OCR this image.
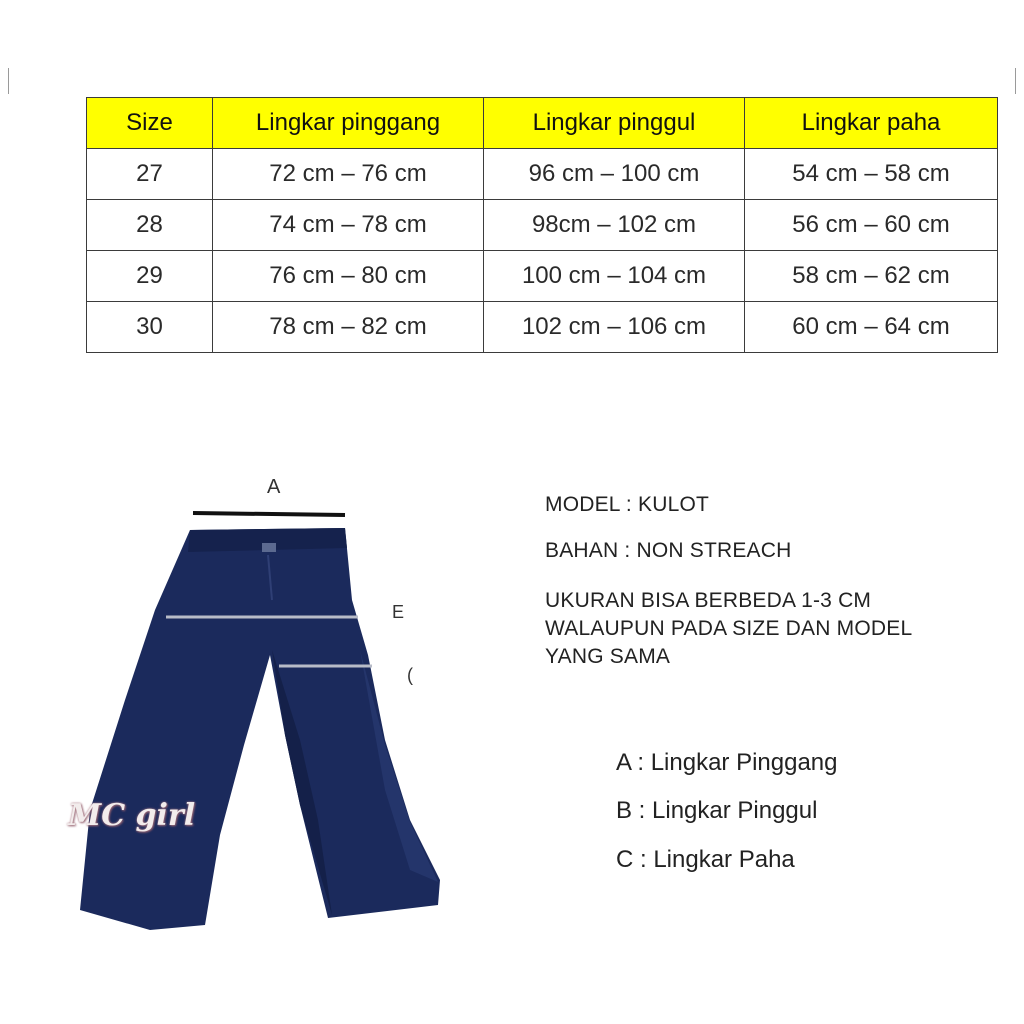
Size	Lingkar pinggang	Lingkar pinggul	Lingkar paha
27	72 cm – 76 cm	96 cm – 100 cm	54 cm – 58 cm
28	74 cm – 78 cm	98cm – 102 cm	56 cm – 60 cm
29	76 cm – 80 cm	100 cm – 104 cm	58 cm – 62 cm
30	78 cm – 82 cm	102 cm – 106 cm	60 cm – 64 cm
A
E
(
MC girl
MODEL : KULOT
BAHAN : NON STREACH
UKURAN BISA BERBEDA 1-3 CM
WALAUPUN PADA SIZE DAN MODEL
YANG SAMA
A : Lingkar Pinggang
B : Lingkar Pinggul
C : Lingkar Paha
